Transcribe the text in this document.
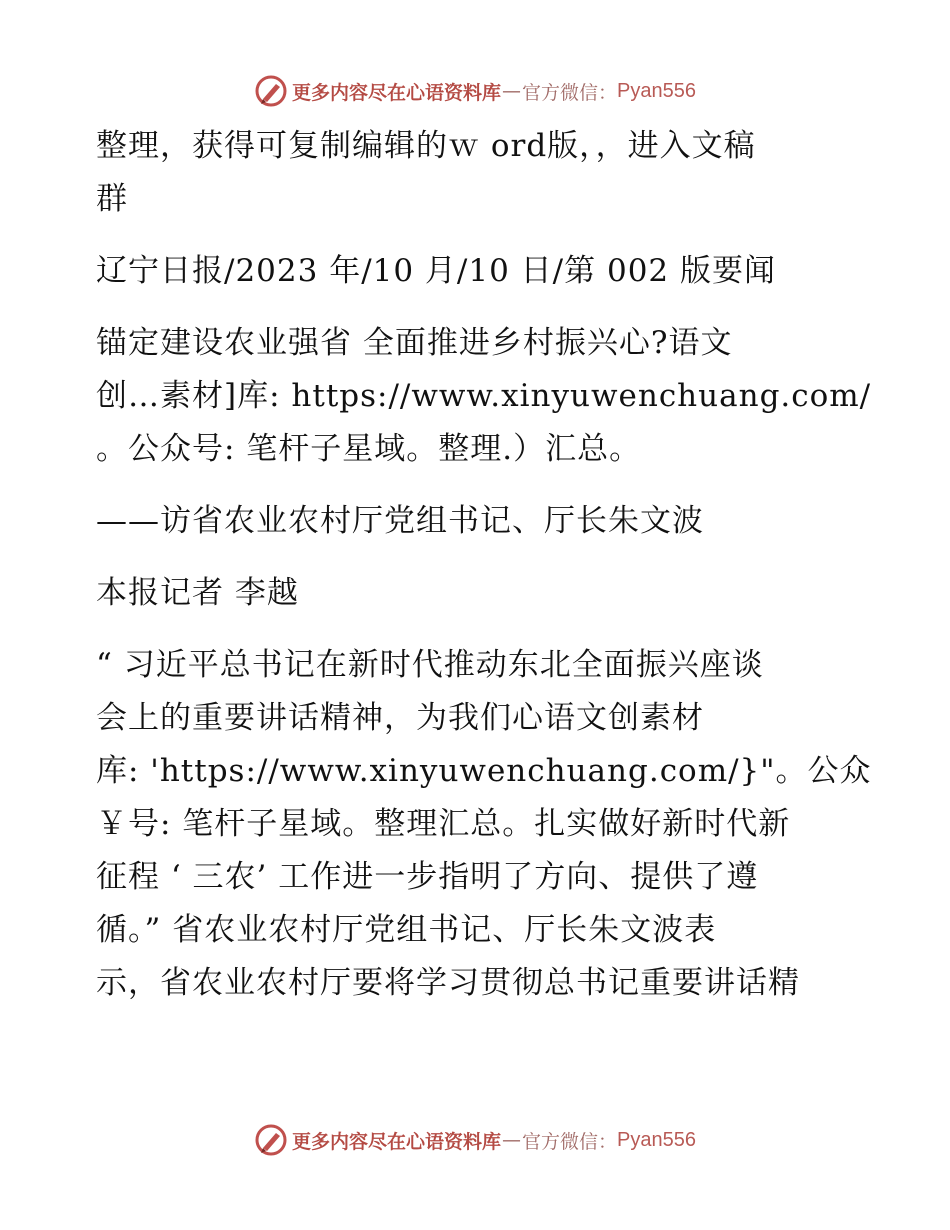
更多内容尽在心语资料库 — 官方微信： Pyan556

整理，获得可复制编辑的ｗ ord版，，进入文稿
群

辽宁日报/2023 年/10 月/10 日/第 002 版要闻

锚定建设农业强省 全面推进乡村振兴心?语文
创…素材]库: https://www.xinyuwenchuang.com/
。公众号: 笔杆子星域。整理.）汇总。

——访省农业农村厅党组书记、厅长朱文波

本报记者 李越

“ 习近平总书记在新时代推动东北全面振兴座谈
会上的重要讲话精神，为我们心语文创素材
库: 'https://www.xinyuwenchuang.com/}"。公众
￥号: 笔杆子星域。整理汇总。扎实做好新时代新
征程 ‘ 三农’ 工作进一步指明了方向、提供了遵
循。” 省农业农村厅党组书记、厅长朱文波表
示，省农业农村厅要将学习贯彻总书记重要讲话精

更多内容尽在心语资料库 — 官方微信： Pyan556
